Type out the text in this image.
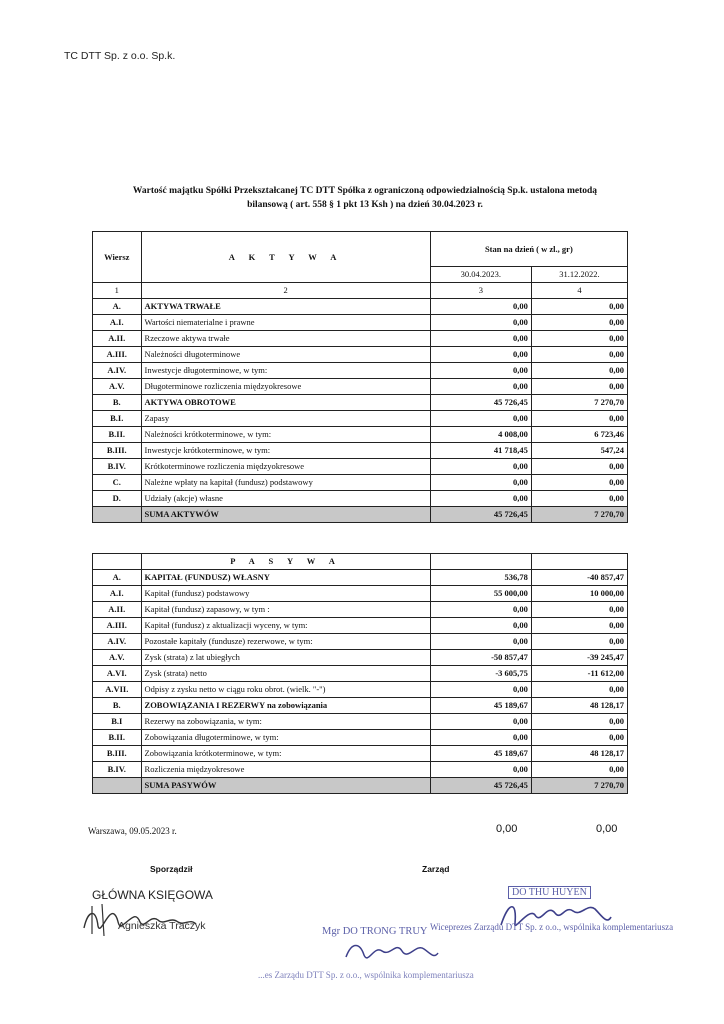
TC DTT Sp. z o.o. Sp.k.
Wartość majątku Spółki Przekształcanej TC DTT Spółka z ograniczoną odpowiedzialnością Sp.k. ustalona metodą
bilansową ( art. 558 § 1 pkt 13 Ksh ) na dzień 30.04.2023 r.
Wiersz	A K T Y W A	Stan na dzień ( w zl., gr)	
		30.04.2023.	31.12.2022.
1	2	3	4
A.	AKTYWA TRWAŁE	0,00	0,00
A.I.	Wartości niematerialne i prawne	0,00	0,00
A.II.	Rzeczowe aktywa trwałe	0,00	0,00
A.III.	Należności długoterminowe	0,00	0,00
A.IV.	Inwestycje długoterminowe, w tym:	0,00	0,00
A.V.	Długoterminowe rozliczenia międzyokresowe	0,00	0,00
B.	AKTYWA OBROTOWE	45 726,45	7 270,70
B.I.	Zapasy	0,00	0,00
B.II.	Należności krótkoterminowe, w tym:	4 008,00	6 723,46
B.III.	Inwestycje krótkoterminowe, w tym:	41 718,45	547,24
B.IV.	Krótkoterminowe rozliczenia międzyokresowe	0,00	0,00
C.	Należne wpłaty na kapitał (fundusz) podstawowy	0,00	0,00
D.	Udziały (akcje) własne	0,00	0,00
	SUMA AKTYWÓW	45 726,45	7 270,70
	P A S Y W A		
A.	KAPITAŁ (FUNDUSZ) WŁASNY	536,78	-40 857,47
A.I.	Kapitał (fundusz) podstawowy	55 000,00	10 000,00
A.II.	Kapitał (fundusz) zapasowy, w tym :	0,00	0,00
A.III.	Kapitał (fundusz) z aktualizacji wyceny, w tym:	0,00	0,00
A.IV.	Pozostałe kapitały (fundusze) rezerwowe, w tym:	0,00	0,00
A.V.	Zysk (strata) z lat ubiegłych	-50 857,47	-39 245,47
A.VI.	Zysk (strata) netto	-3 605,75	-11 612,00
A.VII.	Odpisy z zysku netto w ciągu roku obrot. (wielk. "-")	0,00	0,00
B.	ZOBOWIĄZANIA I REZERWY na zobowiązania	45 189,67	48 128,17
B.I	Rezerwy na zobowiązania, w tym:	0,00	0,00
B.II.	Zobowiązania długoterminowe, w tym:	0,00	0,00
B.III.	Zobowiązania krótkoterminowe, w tym:	45 189,67	48 128,17
B.IV.	Rozliczenia międzyokresowe	0,00	0,00
	SUMA PASYWÓW	45 726,45	7 270,70
Warszawa, 09.05.2023 r.	0,00	0,00
Sporządził	Zarząd
GŁÓWNA KSIĘGOWA
Agnieszka Traczyk
DO THU HUYEN
Mgr DO TRONG TRUY Wiceprezes Zarządu DTT Sp. z o.o., wspólnika komplementariusza
...es Zarządu DTT Sp. z o.o., wspólnika komplementariusza
